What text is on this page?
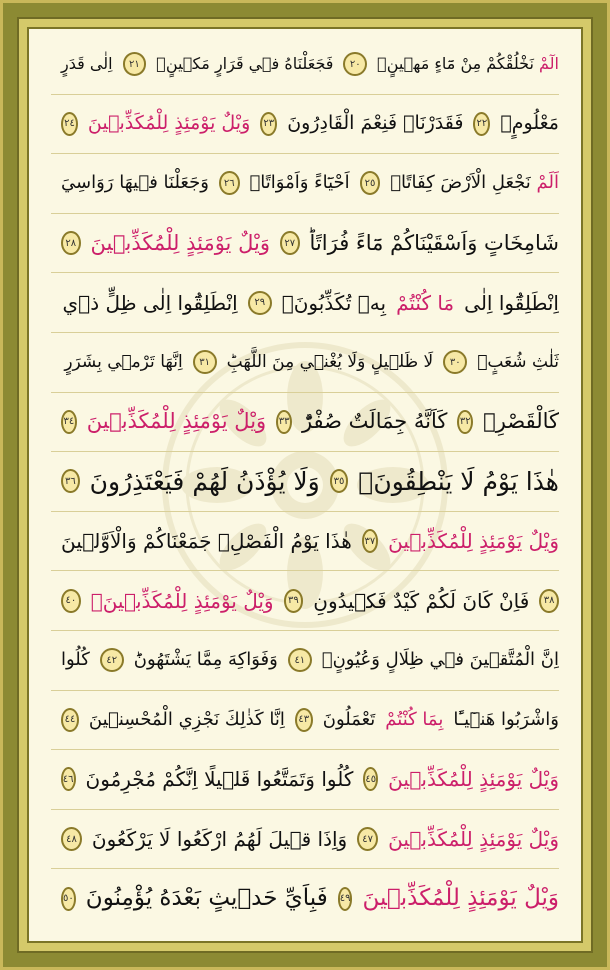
الٓمْ نَخْلُقْكُمْ مِنْ مَٓاءٍ مَه۪ينٍۙ
٢٠
فَجَعَلْنَاهُ ف۪ي قَرَارٍ مَك۪ينٍۙ
٢١
اِلٰى قَدَرٍ
مَعْلُومٍۙ
٢٢
فَقَدَرْنَاۗ فَنِعْمَ الْقَادِرُونَ
٢٣
وَيْلٌ يَوْمَئِذٍ لِلْمُكَذِّب۪ينَ
٢٤
اَلَمْ نَجْعَلِ الْاَرْضَ كِفَاتًاۙ
٢٥
اَحْيَٓاءً وَاَمْوَاتًاۙ
٢٦
وَجَعَلْنَا ف۪يهَا رَوَاسِيَ
شَامِخَاتٍ وَاَسْقَيْنَاكُمْ مَٓاءً فُرَاتًاؕ
٢٧
وَيْلٌ يَوْمَئِذٍ لِلْمُكَذِّب۪ينَ
٢٨
اِنْطَلِقُٓوا اِلٰى
مَا كُنْتُمْ
بِه۪ تُكَذِّبُونَۚ
٢٩
اِنْطَلِقُٓوا اِلٰى ظِلٍّ ذ۪ي
ثَلٰثِ شُعَبٍۙ
٣٠
لَا ظَل۪يلٍ وَلَا يُغْن۪ي مِنَ اللَّهَبِؕ
٣١
اِنَّهَا تَرْم۪ي بِشَرَرٍ
كَالْقَصْرِۚ
٣٢
كَاَنَّهُ جِمَالَتٌ صُفْرٌؕ
٣٣
وَيْلٌ يَوْمَئِذٍ لِلْمُكَذِّب۪ينَ
٣٤
هٰذَا يَوْمُ لَا يَنْطِقُونَۙ
٣٥
وَلَا يُؤْذَنُ لَهُمْ فَيَعْتَذِرُونَ
٣٦
وَيْلٌ يَوْمَئِذٍ لِلْمُكَذِّب۪ينَ
٣٧
هٰذَا يَوْمُ الْفَصْلِۚ جَمَعْنَاكُمْ وَالْاَوَّل۪ينَ
٣٨
فَاِنْ كَانَ لَكُمْ كَيْدٌ فَك۪يدُونِ
٣٩
وَيْلٌ يَوْمَئِذٍ لِلْمُكَذِّب۪ينَ۟
٤٠
اِنَّ الْمُتَّق۪ينَ ف۪ي ظِلَالٍ وَعُيُونٍۙ
٤١
وَفَوَاكِهَ مِمَّا يَشْتَهُونَؕ
٤٢
كُلُوا
وَاشْرَبُوا هَن۪ٓيـًٔا
بِمَا كُنْتُمْ
تَعْمَلُونَ
٤٣
اِنَّا كَذٰلِكَ نَجْزِي الْمُحْسِن۪ينَ
٤٤
وَيْلٌ يَوْمَئِذٍ لِلْمُكَذِّب۪ينَ
٤٥
كُلُوا وَتَمَتَّعُوا قَل۪يلًا اِنَّكُمْ مُجْرِمُونَ
٤٦
وَيْلٌ يَوْمَئِذٍ لِلْمُكَذِّب۪ينَ
٤٧
وَاِذَا ق۪يلَ لَهُمُ ارْكَعُوا لَا يَرْكَعُونَ
٤٨
وَيْلٌ يَوْمَئِذٍ لِلْمُكَذِّب۪ينَ
٤٩
فَبِاَيِّ حَد۪يثٍ بَعْدَهُ يُؤْمِنُونَ
٥٠
